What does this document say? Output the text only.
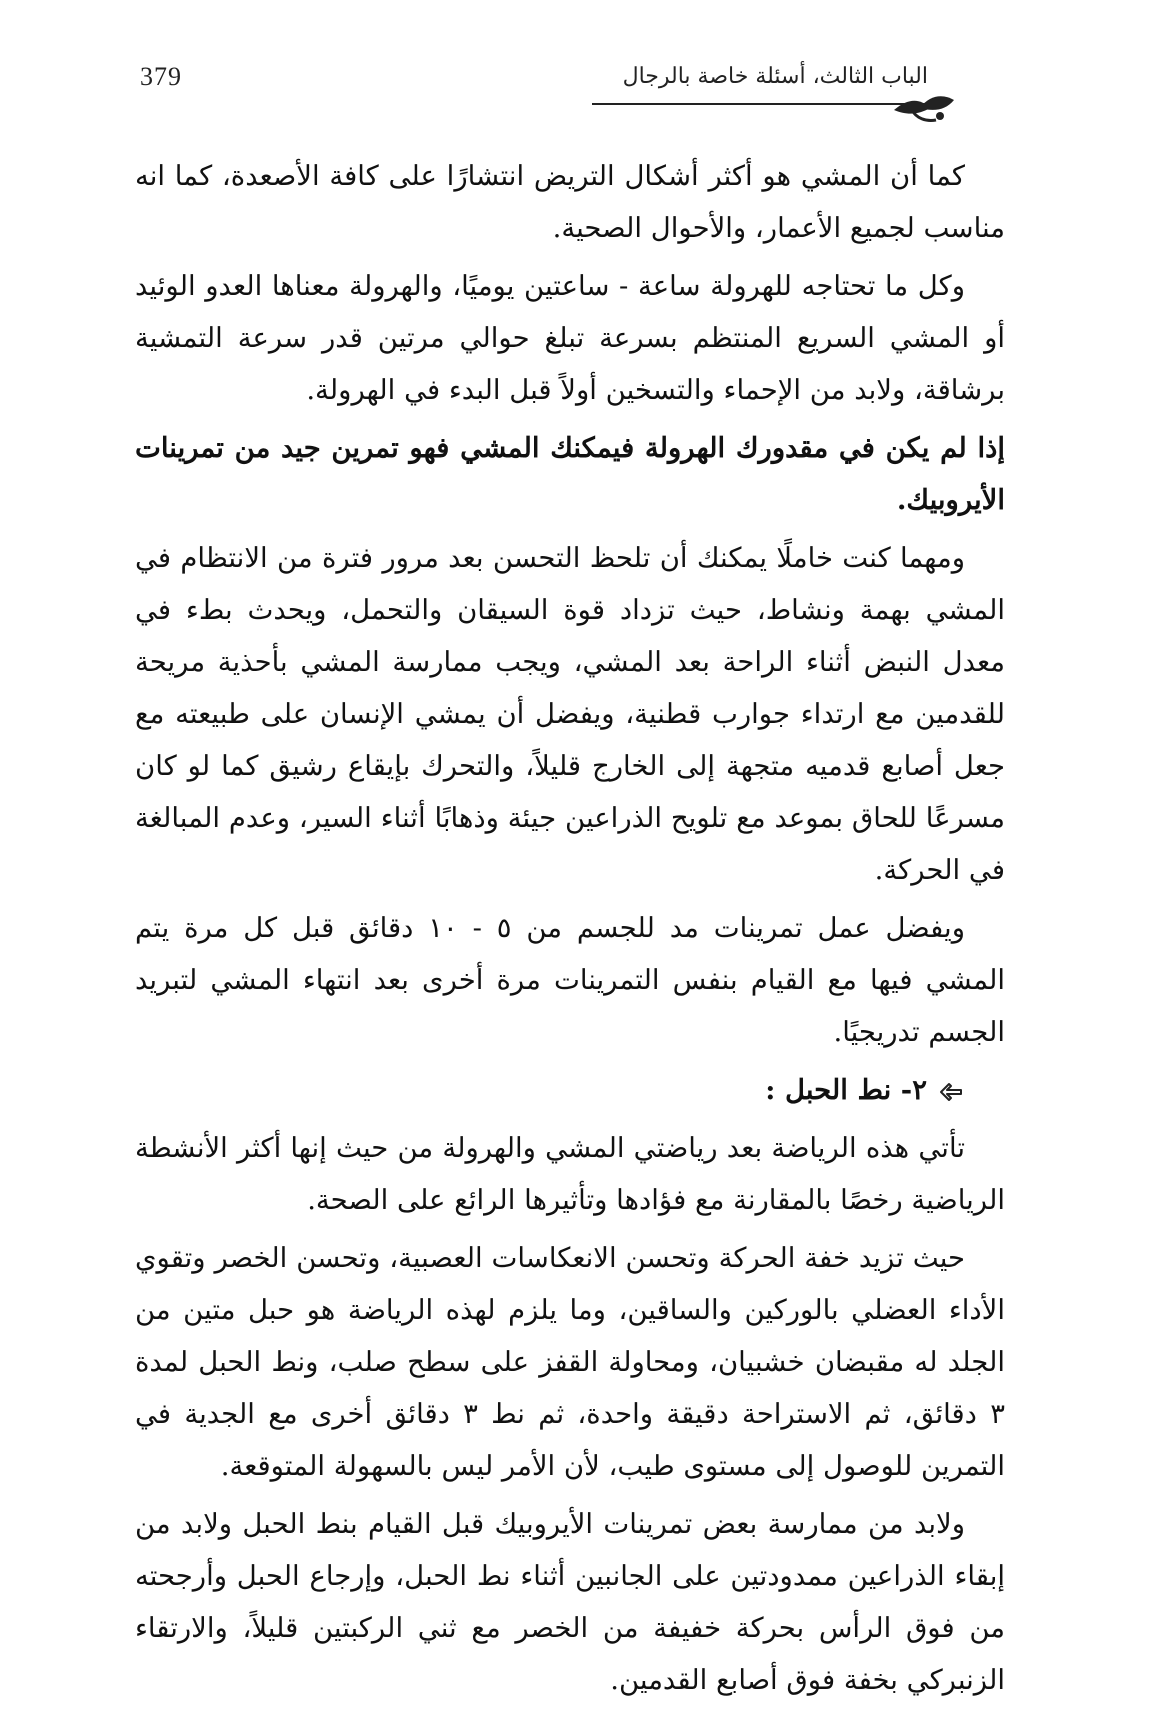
379	الباب الثالث، أسئلة خاصة بالرجال

كما أن المشي هو أكثر أشكال التريض انتشارًا على كافة الأصعدة، كما انه مناسب لجميع الأعمار، والأحوال الصحية.

وكل ما تحتاجه للهرولة ساعة - ساعتين يوميًا، والهرولة معناها العدو الوئيد أو المشي السريع المنتظم بسرعة تبلغ حوالي مرتين قدر سرعة التمشية برشاقة، ولابد من الإحماء والتسخين أولاً قبل البدء في الهرولة.

إذا لم يكن في مقدورك الهرولة فيمكنك المشي فهو تمرين جيد من تمرينات الأيروبيك.

ومهما كنت خاملًا يمكنك أن تلحظ التحسن بعد مرور فترة من الانتظام في المشي بهمة ونشاط، حيث تزداد قوة السيقان والتحمل، ويحدث بطء في معدل النبض أثناء الراحة بعد المشي، ويجب ممارسة المشي بأحذية مريحة للقدمين مع ارتداء جوارب قطنية، ويفضل أن يمشي الإنسان على طبيعته مع جعل أصابع قدميه متجهة إلى الخارج قليلاً، والتحرك بإيقاع رشيق كما لو كان مسرعًا للحاق بموعد مع تلويح الذراعين جيئة وذهابًا أثناء السير، وعدم المبالغة في الحركة.

ويفضل عمل تمرينات مد للجسم من ٥ - ١٠ دقائق قبل كل مرة يتم المشي فيها مع القيام بنفس التمرينات مرة أخرى بعد انتهاء المشي لتبريد الجسم تدريجيًا.

٢- نط الحبل :

تأتي هذه الرياضة بعد رياضتي المشي والهرولة من حيث إنها أكثر الأنشطة الرياضية رخصًا بالمقارنة مع فؤادها وتأثيرها الرائع على الصحة.

حيث تزيد خفة الحركة وتحسن الانعكاسات العصبية، وتحسن الخصر وتقوي الأداء العضلي بالوركين والساقين، وما يلزم لهذه الرياضة هو حبل متين من الجلد له مقبضان خشبيان، ومحاولة القفز على سطح صلب، ونط الحبل لمدة ٣ دقائق، ثم الاستراحة دقيقة واحدة، ثم نط ٣ دقائق أخرى مع الجدية في التمرين للوصول إلى مستوى طيب، لأن الأمر ليس بالسهولة المتوقعة.

ولابد من ممارسة بعض تمرينات الأيروبيك قبل القيام بنط الحبل ولابد من إبقاء الذراعين ممدودتين على الجانبين أثناء نط الحبل، وإرجاع الحبل وأرجحته من فوق الرأس بحركة خفيفة من الخصر مع ثني الركبتين قليلاً، والارتقاء الزنبركي بخفة فوق أصابع القدمين.
